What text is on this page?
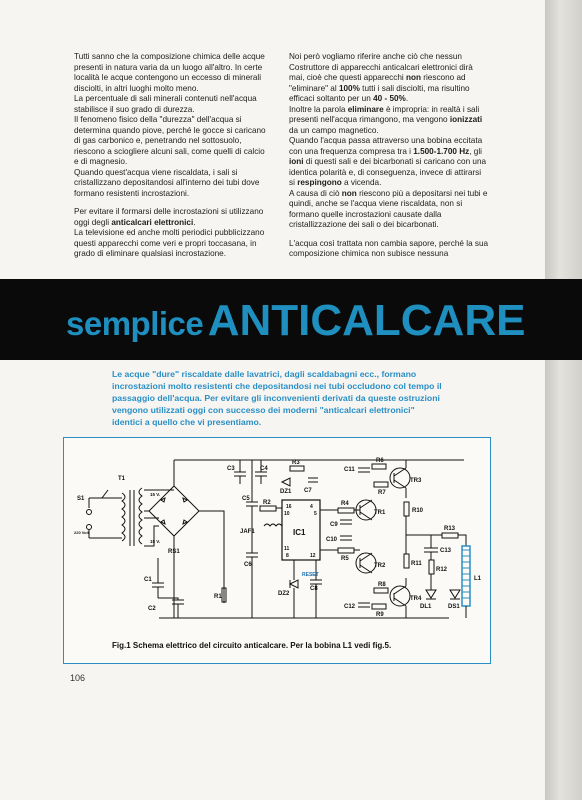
Tutti sanno che la composizione chimica delle acque presenti in natura varia da un luogo all'altro. In certe località le acque contengono un eccesso di minerali disciolti, in altri luoghi molto meno.

La percentuale di sali minerali contenuti nell'acqua stabilisce il suo grado di durezza.

Il fenomeno fisico della "durezza" dell'acqua si determina quando piove, perché le gocce si caricano di gas carbonico e, penetrando nel sottosuolo, riescono a sciogliere alcuni sali, come quelli di calcio e di magnesio.

Quando quest'acqua viene riscaldata, i sali si cristallizzano depositandosi all'interno dei tubi dove formano resistenti incrostazioni.

Per evitare il formarsi delle incrostazioni si utilizzano oggi degli anticalcari elettronici.

La televisione ed anche molti periodici pubblicizzano questi apparecchi come veri e propri toccasana, in grado di eliminare qualsiasi incrostazione.

Noi però vogliamo riferire anche ciò che nessun Costruttore di apparecchi anticalcari elettronici dirà mai, cioè che questi apparecchi non riescono ad "eliminare" al 100% tutti i sali disciolti, ma risultino efficaci soltanto per un 40 - 50%.

Inoltre la parola eliminare è impropria: in realtà i sali presenti nell'acqua rimangono, ma vengono ionizzati da un campo magnetico.

Quando l'acqua passa attraverso una bobina eccitata con una frequenza compresa tra i 1.500-1.700 Hz, gli ioni di questi sali e dei bicarbonati si caricano con una identica polarità e, di conseguenza, invece di attirarsi si respingono a vicenda.

A causa di ciò non riescono più a depositarsi nei tubi e quindi, anche se l'acqua viene riscaldata, non si formano quelle incrostazioni causate dalla cristallizzazione dei sali o dei bicarbonati.

L'acqua così trattata non cambia sapore, perché la sua composizione chimica non subisce nessuna

semplice ANTICALCARE
Le acque "dure" riscaldate dalle lavatrici, dagli scaldabagni ecc., formano incrostazioni molto resistenti che depositandosi nei tubi occludono col tempo il passaggio dell'acqua. Per evitare gli inconvenienti derivati da queste ostruzioni vengono utilizzati oggi con successo dei moderni "anticalcari elettronici" identici a quello che vi presentiamo.
T1
S1
220 Volt
15 V.
15 V.
RS1
C1
C2
R1
C3	C4
C5
C6
R2
JAF1
R3
DZ1 C7
DZ2
C8
IC1
RESET
16	4
10	5
11
8	12
R4
R5
C9
C10
C11
C12
R6
R7
R8
R9
R10
R11
R12
R13
C13
TR1
TR2
TR3
TR4
DL1	DS1
L1
Fig.1 Schema elettrico del circuito anticalcare. Per la bobina L1 vedi fig.5.
106
